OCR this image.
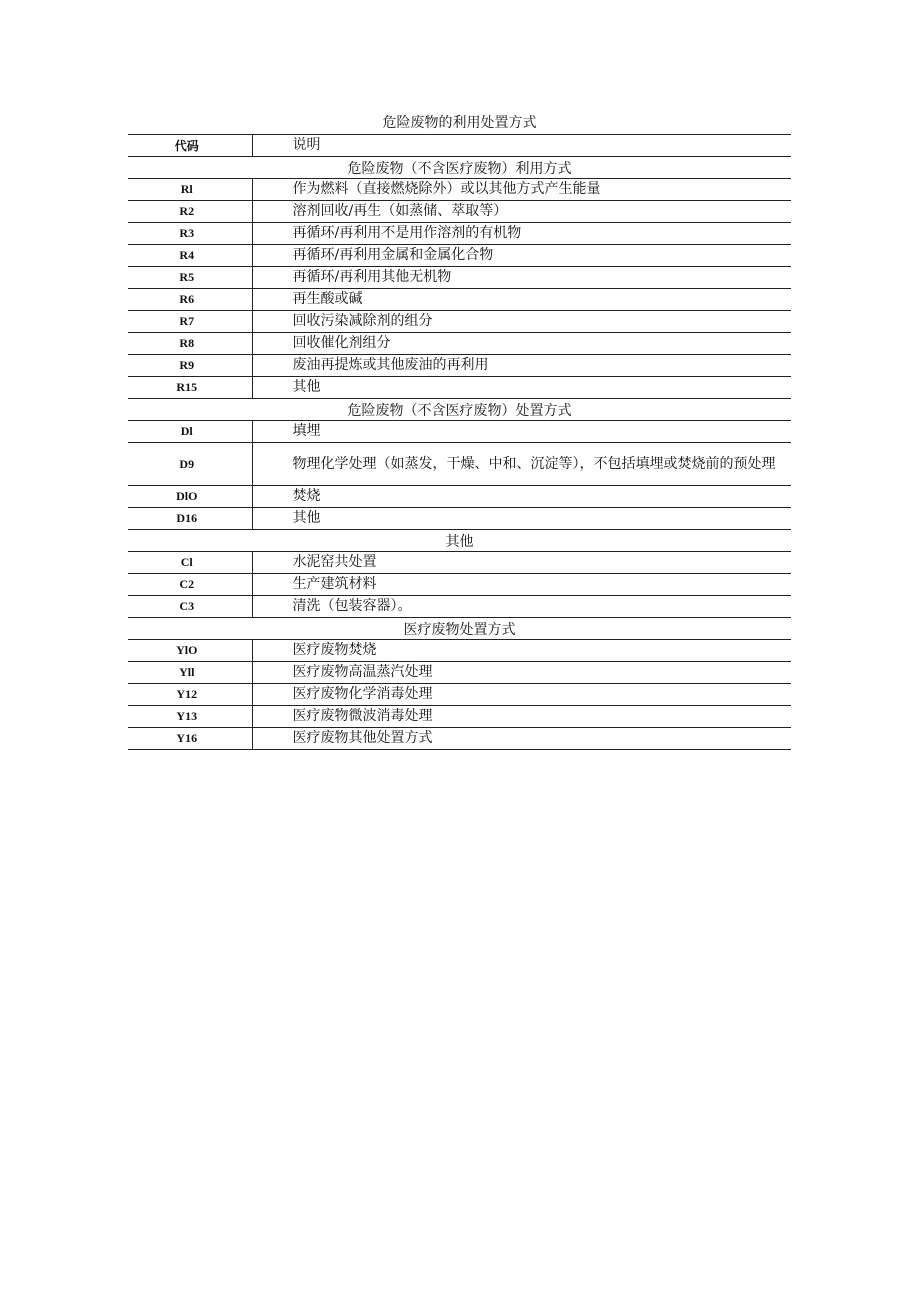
危险废物的利用处置方式
代码	说明
危险废物（不含医疗废物）利用方式	
Rl	作为燃料（直接燃烧除外）或以其他方式产生能量
R2	溶剂回收/再生（如蒸储、萃取等）
R3	再循环/再利用不是用作溶剂的有机物
R4	再循环/再利用金属和金属化合物
R5	再循环/再利用其他无机物
R6	再生酸或碱
R7	回收污染减除剂的组分
R8	回收催化剂组分
R9	废油再提炼或其他废油的再利用
R15	其他
危险废物（不含医疗废物）处置方式	
Dl	填埋
D9	物理化学处理（如蒸发，干燥、中和、沉淀等），不包括填埋或焚烧前的预处理
DlO	焚烧
D16	其他
其他	
Cl	水泥窑共处置
C2	生产建筑材料
C3	清洗（包装容器）。
医疗废物处置方式	
YlO	医疗废物焚烧
Yll	医疗废物高温蒸汽处理
Y12	医疗废物化学消毒处理
Y13	医疗废物微波消毒处理
Y16	医疗废物其他处置方式
